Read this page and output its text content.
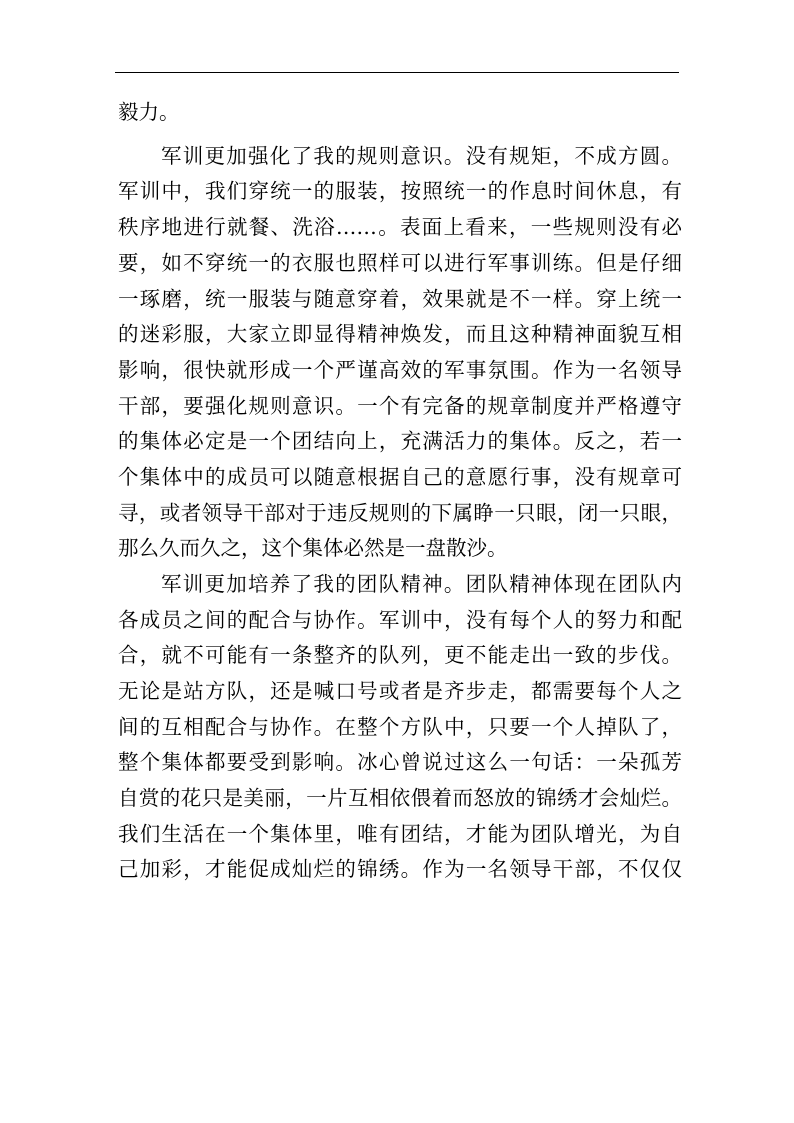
毅力。
军训更加强化了我的规则意识。没有规矩，不成方圆。
军训中，我们穿统一的服装，按照统一的作息时间休息，有
秩序地进行就餐、洗浴……。表面上看来，一些规则没有必
要，如不穿统一的衣服也照样可以进行军事训练。但是仔细
一琢磨，统一服装与随意穿着，效果就是不一样。穿上统一
的迷彩服，大家立即显得精神焕发，而且这种精神面貌互相
影响，很快就形成一个严谨高效的军事氛围。作为一名领导
干部，要强化规则意识。一个有完备的规章制度并严格遵守
的集体必定是一个团结向上，充满活力的集体。反之，若一
个集体中的成员可以随意根据自己的意愿行事，没有规章可
寻，或者领导干部对于违反规则的下属睁一只眼，闭一只眼，
那么久而久之，这个集体必然是一盘散沙。
军训更加培养了我的团队精神。团队精神体现在团队内
各成员之间的配合与协作。军训中，没有每个人的努力和配
合，就不可能有一条整齐的队列，更不能走出一致的步伐。
无论是站方队，还是喊口号或者是齐步走，都需要每个人之
间的互相配合与协作。在整个方队中，只要一个人掉队了，
整个集体都要受到影响。冰心曾说过这么一句话：一朵孤芳
自赏的花只是美丽，一片互相依偎着而怒放的锦绣才会灿烂。
我们生活在一个集体里，唯有团结，才能为团队增光，为自
己加彩，才能促成灿烂的锦绣。作为一名领导干部，不仅仅
